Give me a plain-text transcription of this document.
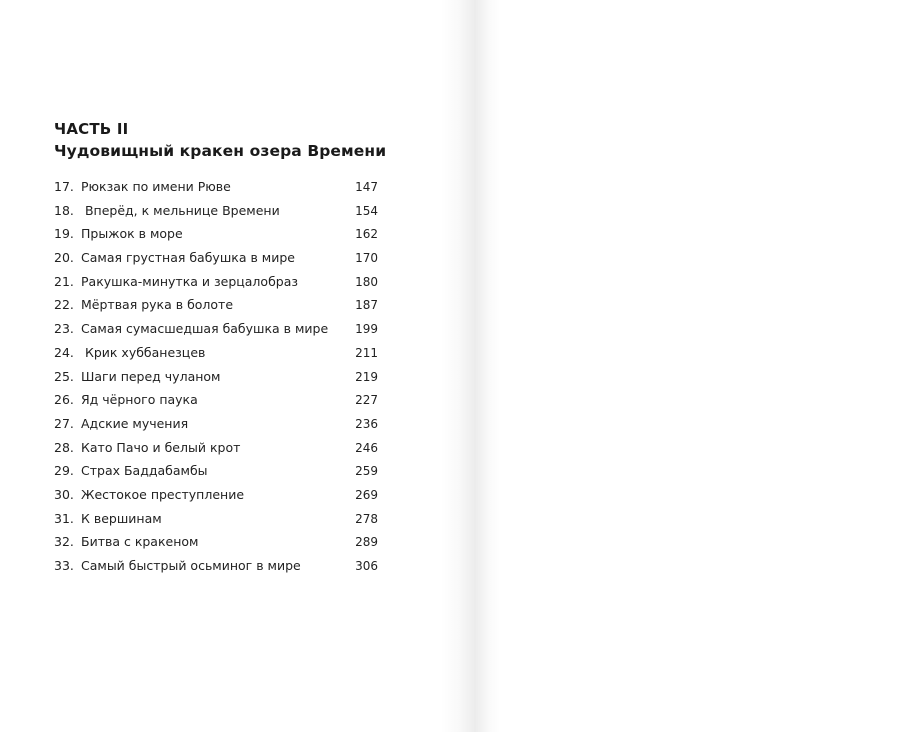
ЧАСТЬ II
Чудовищный кракен озера Времени
17. Рюкзак по имени Рюве	147
18. Вперёд, к мельнице Времени	154
19. Прыжок в море	162
20. Самая грустная бабушка в мире	170
21. Ракушка-минутка и зерцалобраз	180
22. Мёртвая рука в болоте	187
23. Самая сумасшедшая бабушка в мире 199
24. Крик хуббанезцев	211
25. Шаги перед чуланом	219
26. Яд чёрного паука	227
27. Адские мучения	236
28. Като Пачо и белый крот	246
29. Страх Баддабамбы	259
30. Жестокое преступление	269
31. К вершинам	278
32. Битва с кракеном	289
33. Самый быстрый осьминог в мире	306
